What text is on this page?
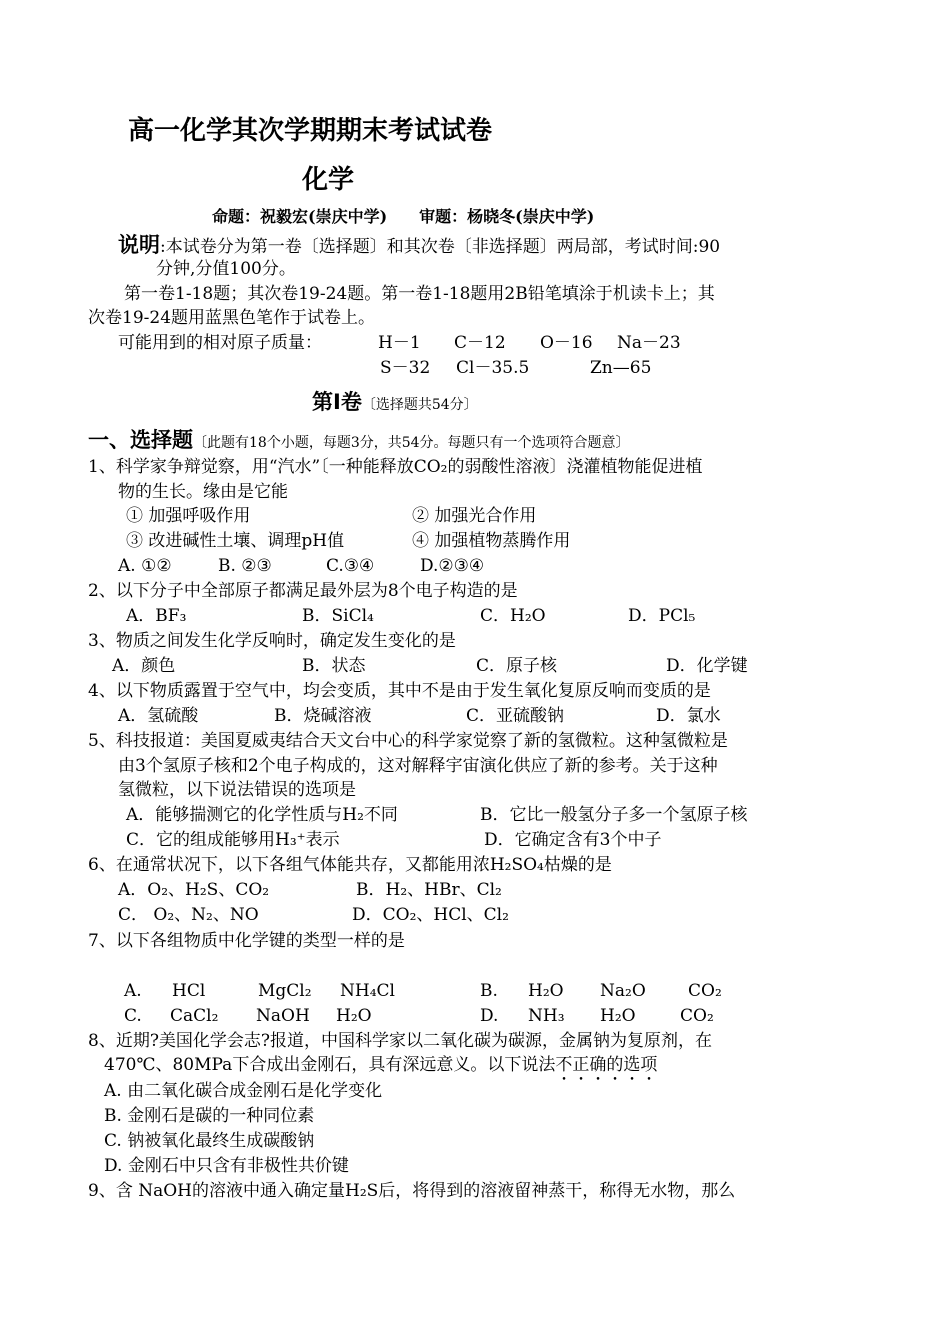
高一化学其次学期期末考试试卷
化学
命题：祝毅宏(崇庆中学)　　审题：杨晓冬(崇庆中学)
说明:本试卷分为第一卷〔选择题〕和其次卷〔非选择题〕两局部，考试时间:90
分钟,分值100分。
第一卷1-18题；其次卷19-24题。第一卷1-18题用2B铅笔填涂于机读卡上；其
次卷19-24题用蓝黑色笔作于试卷上。
可能用到的相对原子质量：	H－1 C－12 O－16 Na－23
S－32 Cl－35.5	Zn—65
第Ⅰ卷〔选择题共54分〕
一、选择题〔此题有18个小题，每题3分，共54分。每题只有一个选项符合题意〕
1、科学家争辩觉察，用“汽水”〔一种能释放CO₂的弱酸性溶液〕浇灌植物能促进植
物的生长。缘由是它能
① 加强呼吸作用	② 加强光合作用
③ 改进碱性土壤、调理pH值	④ 加强植物蒸腾作用
A. ①②	B. ②③	C.③④	D.②③④
2、以下分子中全部原子都满足最外层为8个电子构造的是
A．BF₃	B．SiCl₄	C．H₂O	D．PCl₅
3、物质之间发生化学反响时，确定发生变化的是
A．颜色	B．状态	C．原子核	D．化学键
4、以下物质露置于空气中，均会变质，其中不是由于发生氧化复原反响而变质的是
A．氢硫酸	B．烧碱溶液	C．亚硫酸钠	D．氯水
5、科技报道：美国夏威夷结合天文台中心的科学家觉察了新的氢微粒。这种氢微粒是
由3个氢原子核和2个电子构成的，这对解释宇宙演化供应了新的参考。关于这种
氢微粒，以下说法错误的选项是
A．能够揣测它的化学性质与H₂不同	B．它比一般氢分子多一个氢原子核
C．它的组成能够用H₃⁺表示	D．它确定含有3个中子
6、在通常状况下，以下各组气体能共存，又都能用浓H₂SO₄枯燥的是
A．O₂、H₂S、CO₂	B．H₂、HBr、Cl₂
C． O₂、N₂、NO	D．CO₂、HCl、Cl₂
7、以下各组物质中化学键的类型一样的是
A. HCl	MgCl₂ NH₄Cl	B. H₂O Na₂O CO₂
C. CaCl₂ NaOH H₂O	D. NH₃ H₂O	CO₂
8、近期?美国化学会志?报道，中国科学家以二氧化碳为碳源，金属钠为复原剂，在
470℃、80MPa下合成出金刚石，具有深远意义。以下说法不正确的选项
A. 由二氧化碳合成金刚石是化学变化
B. 金刚石是碳的一种同位素
C. 钠被氧化最终生成碳酸钠
D. 金刚石中只含有非极性共价键
9、含 NaOH的溶液中通入确定量H₂S后，将得到的溶液留神蒸干，称得无水物，那么
